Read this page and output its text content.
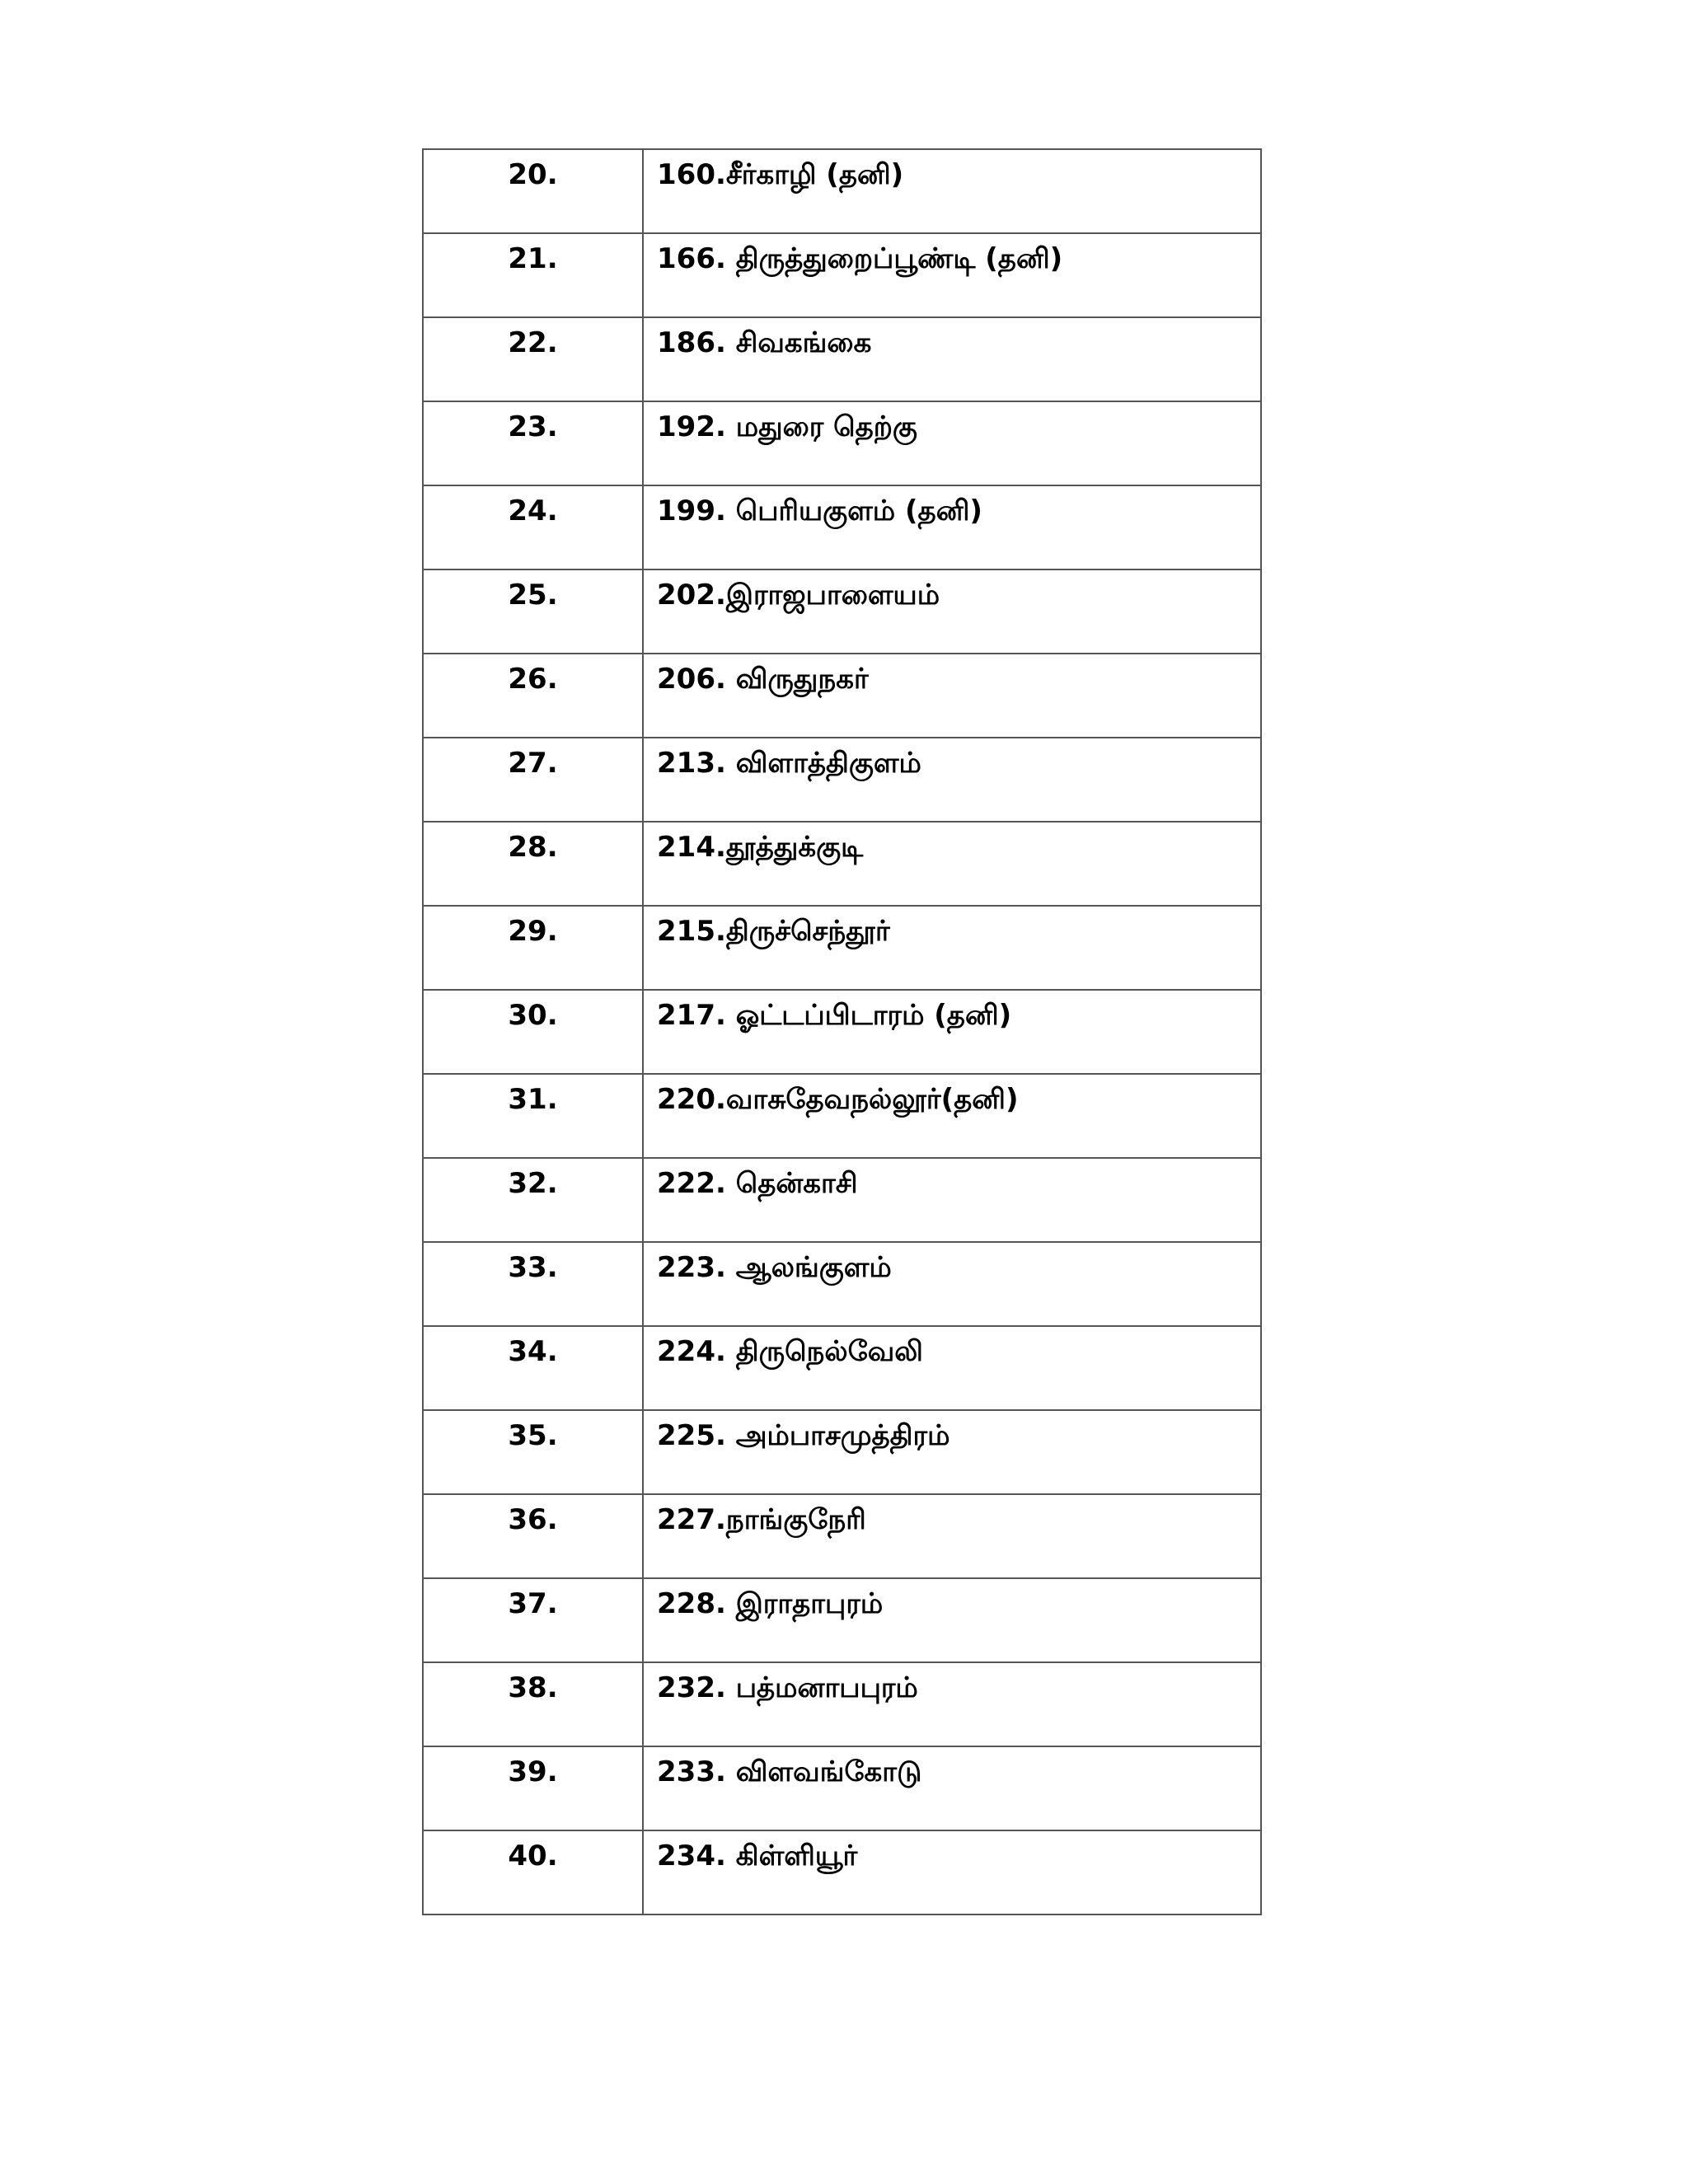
20.	160.சீர்காழி (தனி)

21.	166. திருத்துறைப்பூண்டி (தனி)

22.	186. சிவகங்கை

23.	192. மதுரை தெற்கு

24.	199. பெரியகுளம் (தனி)

25.	202.இராஜபாளையம்

26.	206. விருதுநகர்

27.	213. விளாத்திகுளம்

28.	214.தூத்துக்குடி

29.	215.திருச்செந்தூர்

30.	217. ஓட்டப்பிடாரம் (தனி)

31.	220.வாசுதேவநல்லூர்(தனி)

32.	222. தென்காசி

33.	223. ஆலங்குளம்

34.	224. திருநெல்வேலி

35.	225. அம்பாசமுத்திரம்

36.	227.நாங்குநேரி

37.	228. இராதாபுரம்

38.	232. பத்மனாபபுரம்

39.	233. விளவங்கோடு

40.	234. கிள்ளியூர்
